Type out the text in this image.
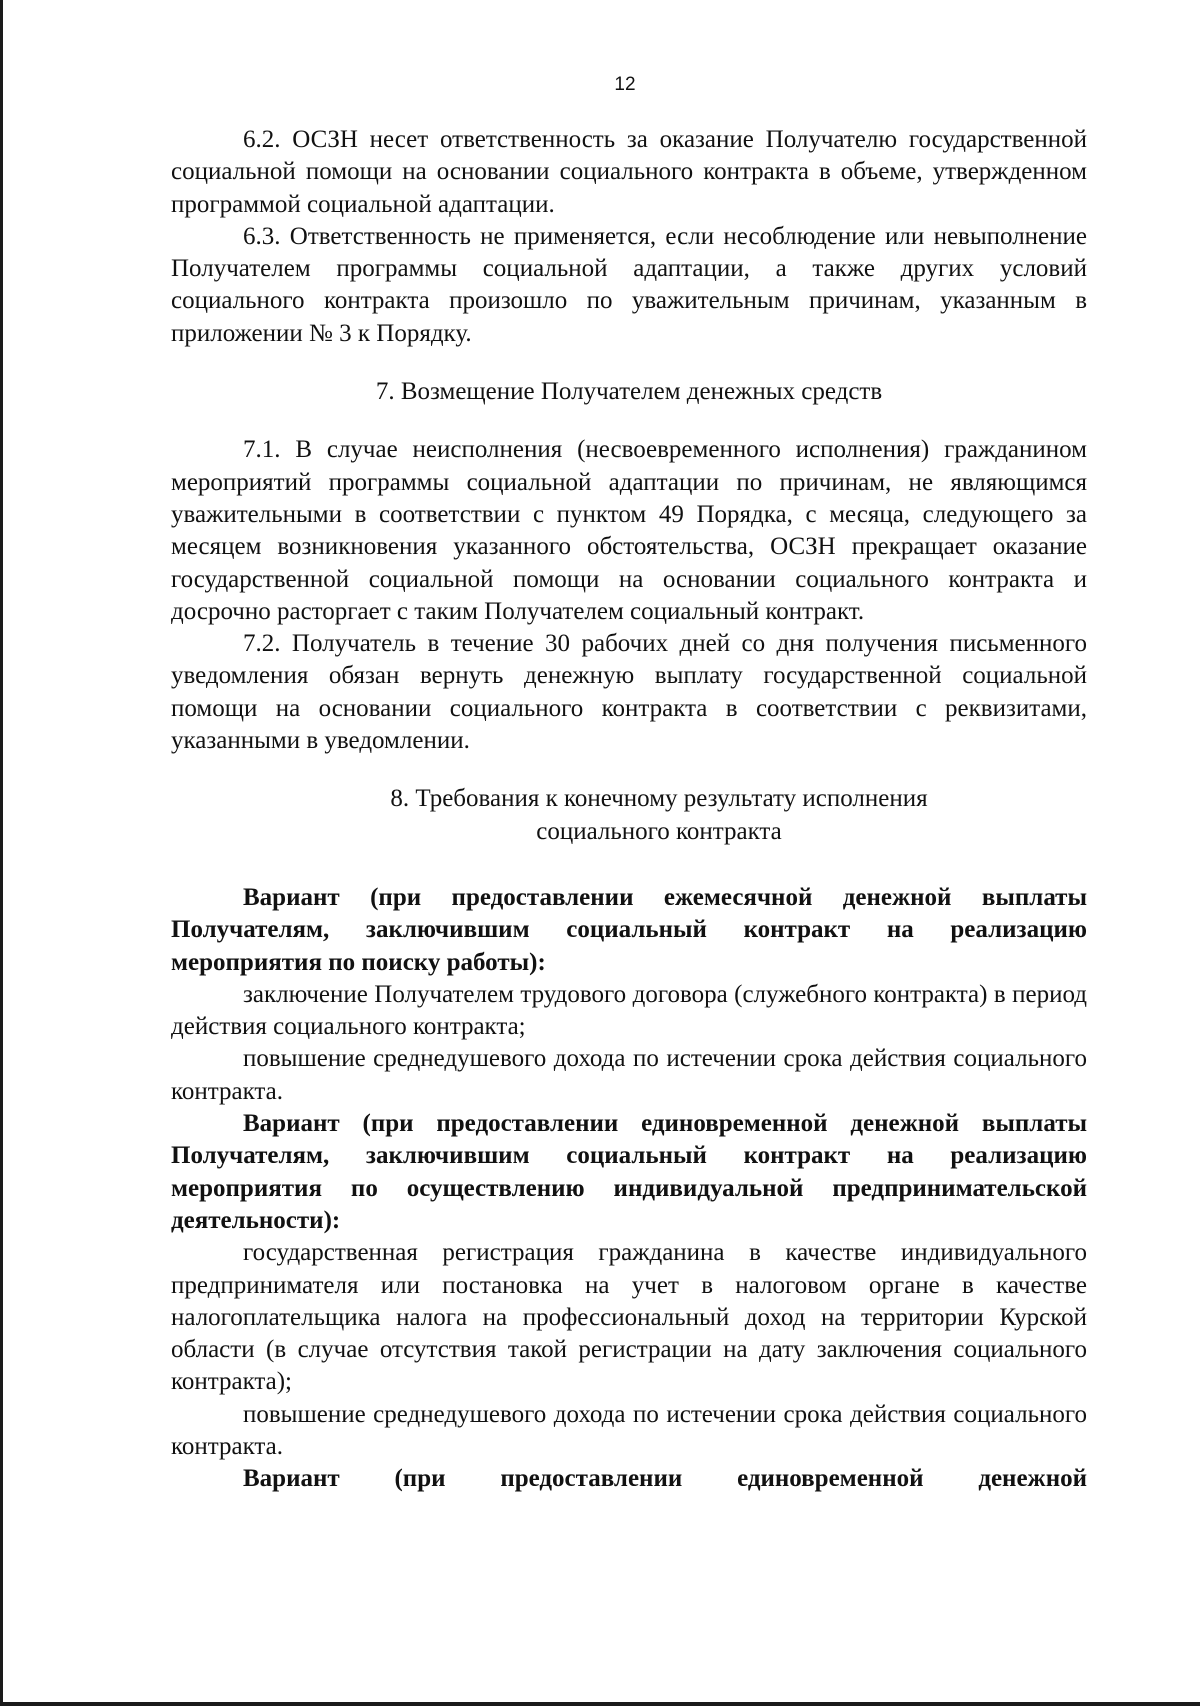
12

6.2. ОСЗН несет ответственность за оказание Получателю государственной социальной помощи на основании социального контракта в объеме, утвержденном программой социальной адаптации.

6.3. Ответственность не применяется, если несоблюдение или невыполнение Получателем программы социальной адаптации, а также других условий социального контракта произошло по уважительным причинам, указанным в приложении № 3 к Порядку.

7. Возмещение Получателем денежных средств

7.1. В случае неисполнения (несвоевременного исполнения) гражданином мероприятий программы социальной адаптации по причинам, не являющимся уважительными в соответствии с пунктом 49 Порядка, с месяца, следующего за месяцем возникновения указанного обстоятельства, ОСЗН прекращает оказание государственной социальной помощи на основании социального контракта и досрочно расторгает с таким Получателем социальный контракт.

7.2. Получатель в течение 30 рабочих дней со дня получения письменного уведомления обязан вернуть денежную выплату государственной социальной помощи на основании социального контракта в соответствии с реквизитами, указанными в уведомлении.

8. Требования к конечному результату исполнения
социального контракта

Вариант (при предоставлении ежемесячной денежной выплаты Получателям, заключившим социальный контракт на реализацию мероприятия по поиску работы):

заключение Получателем трудового договора (служебного контракта) в период действия социального контракта;

повышение среднедушевого дохода по истечении срока действия социального контракта.

Вариант (при предоставлении единовременной денежной выплаты Получателям, заключившим социальный контракт на реализацию мероприятия по осуществлению индивидуальной предпринимательской деятельности):

государственная регистрация гражданина в качестве индивидуального предпринимателя или постановка на учет в налоговом органе в качестве налогоплательщика налога на профессиональный доход на территории Курской области (в случае отсутствия такой регистрации на дату заключения социального контракта);

повышение среднедушевого дохода по истечении срока действия социального контракта.

Вариант (при предоставлении единовременной денежной
